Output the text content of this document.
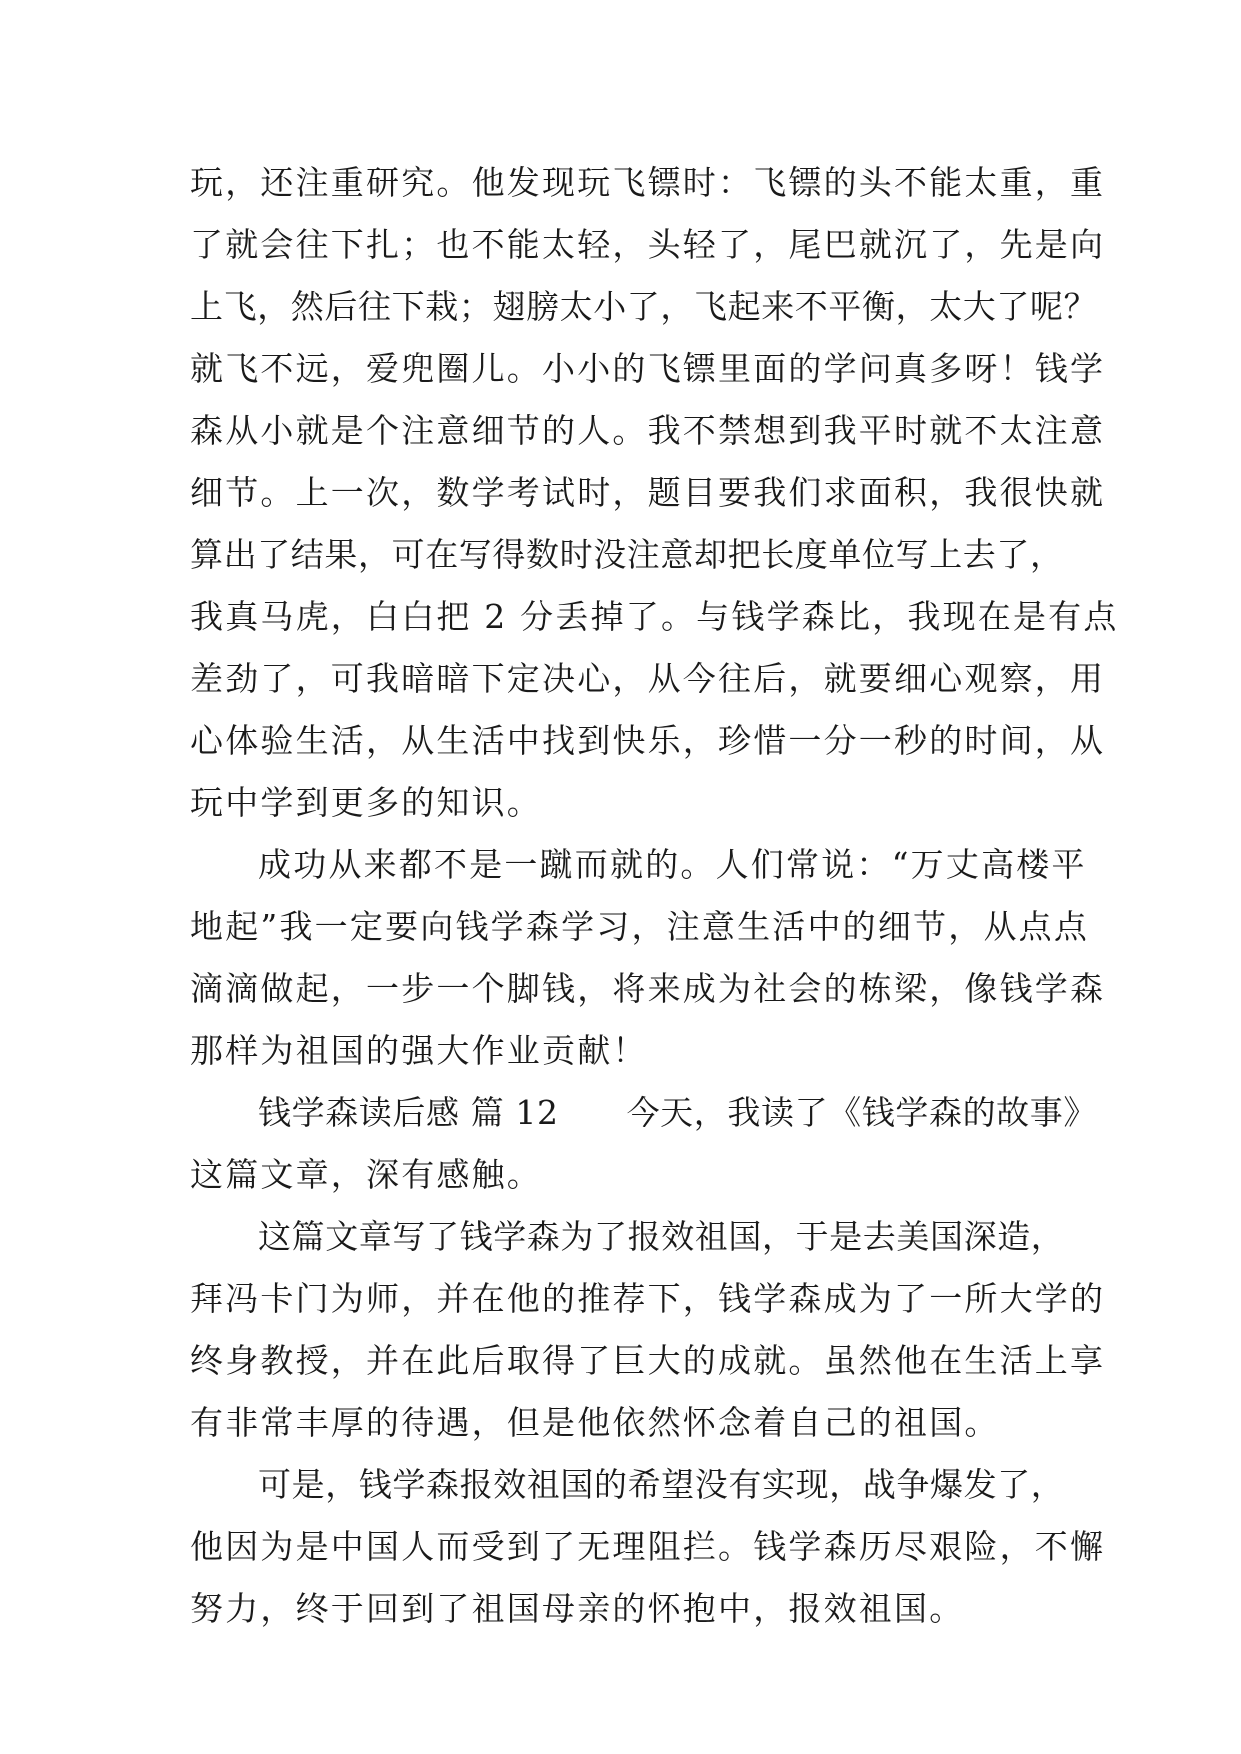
玩，还注重研究。他发现玩飞镖时：飞镖的头不能太重，重
了就会往下扎；也不能太轻，头轻了，尾巴就沉了，先是向
上飞，然后往下栽；翅膀太小了，飞起来不平衡，太大了呢？
就飞不远，爱兜圈儿。小小的飞镖里面的学问真多呀！钱学
森从小就是个注意细节的人。我不禁想到我平时就不太注意
细节。上一次，数学考试时，题目要我们求面积，我很快就
算出了结果，可在写得数时没注意却把长度单位写上去了，
我真马虎，白白把 2 分丢掉了。与钱学森比，我现在是有点
差劲了，可我暗暗下定决心，从今往后，就要细心观察，用
心体验生活，从生活中找到快乐，珍惜一分一秒的时间，从
玩中学到更多的知识。
成功从来都不是一蹴而就的。人们常说：“万丈高楼平
地起”我一定要向钱学森学习，注意生活中的细节，从点点
滴滴做起，一步一个脚钱，将来成为社会的栋梁，像钱学森
那样为祖国的强大作业贡献！
钱学森读后感 篇 12 今天，我读了《钱学森的故事》
这篇文章，深有感触。
这篇文章写了钱学森为了报效祖国，于是去美国深造，
拜冯卡门为师，并在他的推荐下，钱学森成为了一所大学的
终身教授，并在此后取得了巨大的成就。虽然他在生活上享
有非常丰厚的待遇，但是他依然怀念着自己的祖国。
可是，钱学森报效祖国的希望没有实现，战争爆发了，
他因为是中国人而受到了无理阻拦。钱学森历尽艰险，不懈
努力，终于回到了祖国母亲的怀抱中，报效祖国。
